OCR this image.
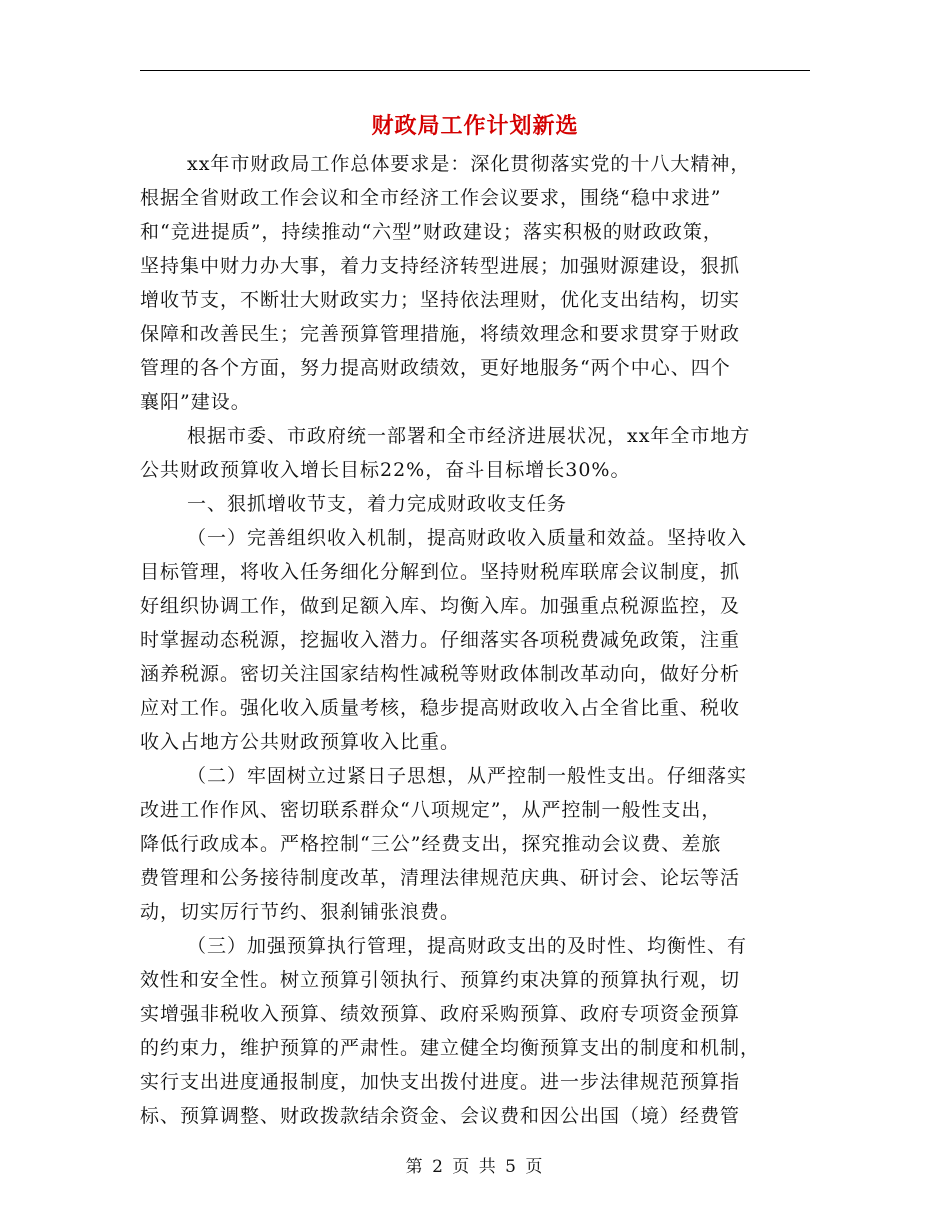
财政局工作计划新选
xx年市财政局工作总体要求是：深化贯彻落实党的十八大精神，
根据全省财政工作会议和全市经济工作会议要求，围绕“稳中求进”
和“竞进提质”，持续推动“六型”财政建设；落实积极的财政政策，
坚持集中财力办大事，着力支持经济转型进展；加强财源建设，狠抓
增收节支，不断壮大财政实力；坚持依法理财，优化支出结构，切实
保障和改善民生；完善预算管理措施，将绩效理念和要求贯穿于财政
管理的各个方面，努力提高财政绩效，更好地服务“两个中心、四个
襄阳”建设。
根据市委、市政府统一部署和全市经济进展状况，xx年全市地方
公共财政预算收入增长目标22%，奋斗目标增长30%。
一、狠抓增收节支，着力完成财政收支任务
（一）完善组织收入机制，提高财政收入质量和效益。坚持收入
目标管理，将收入任务细化分解到位。坚持财税库联席会议制度，抓
好组织协调工作，做到足额入库、均衡入库。加强重点税源监控，及
时掌握动态税源，挖掘收入潜力。仔细落实各项税费减免政策，注重
涵养税源。密切关注国家结构性减税等财政体制改革动向，做好分析
应对工作。强化收入质量考核，稳步提高财政收入占全省比重、税收
收入占地方公共财政预算收入比重。
（二）牢固树立过紧日子思想，从严控制一般性支出。仔细落实
改进工作作风、密切联系群众“八项规定”，从严控制一般性支出，
降低行政成本。严格控制“三公”经费支出，探究推动会议费、差旅
费管理和公务接待制度改革，清理法律规范庆典、研讨会、论坛等活
动，切实厉行节约、狠刹铺张浪费。
（三）加强预算执行管理，提高财政支出的及时性、均衡性、有
效性和安全性。树立预算引领执行、预算约束决算的预算执行观，切
实增强非税收入预算、绩效预算、政府采购预算、政府专项资金预算
的约束力，维护预算的严肃性。建立健全均衡预算支出的制度和机制，
实行支出进度通报制度，加快支出拨付进度。进一步法律规范预算指
标、预算调整、财政拨款结余资金、会议费和因公出国（境）经费管
第 2 页 共 5 页
